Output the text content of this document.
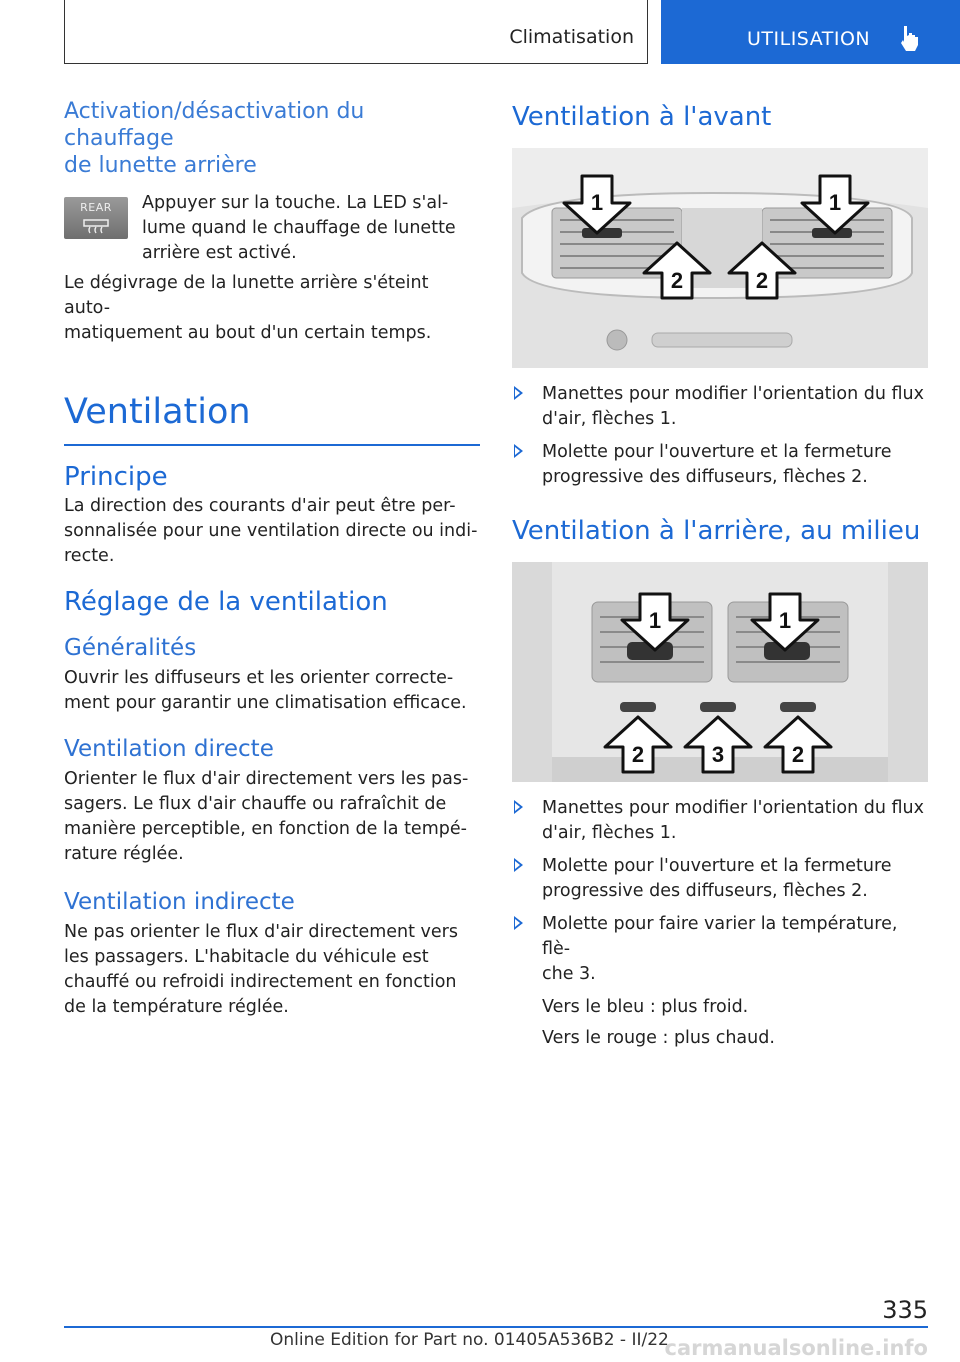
Climatisation	UTILISATION
Activation/désactivation du chauffage
de lunette arrière
REAR	Appuyer sur la touche. La LED s'al-
lume quand le chauffage de lunette
arrière est activé.
Le dégivrage de la lunette arrière s'éteint auto-
matiquement au bout d'un certain temps.
Ventilation
Principe
La direction des courants d'air peut être per-
sonnalisée pour une ventilation directe ou indi-
recte.
Réglage de la ventilation
Généralités
Ouvrir les diffuseurs et les orienter correcte-
ment pour garantir une climatisation efficace.
Ventilation directe
Orienter le flux d'air directement vers les pas-
sagers. Le flux d'air chauffe ou rafraîchit de
manière perceptible, en fonction de la tempé-
rature réglée.
Ventilation indirecte
Ne pas orienter le flux d'air directement vers
les passagers. L'habitacle du véhicule est
chauffé ou refroidi indirectement en fonction
de la température réglée.
Ventilation à l'avant
1	1
2	2
Manettes pour modifier l'orientation du flux
d'air, flèches 1.
Molette pour l'ouverture et la fermeture
progressive des diffuseurs, flèches 2.
Ventilation à l'arrière, au milieu
1	1
2	3	2
Manettes pour modifier l'orientation du flux
d'air, flèches 1.
Molette pour l'ouverture et la fermeture
progressive des diffuseurs, flèches 2.
Molette pour faire varier la température, flè-
che 3.
Vers le bleu : plus froid.
Vers le rouge : plus chaud.
335
Online Edition for Part no. 01405A536B2 - II/22
carmanualsonline.info
